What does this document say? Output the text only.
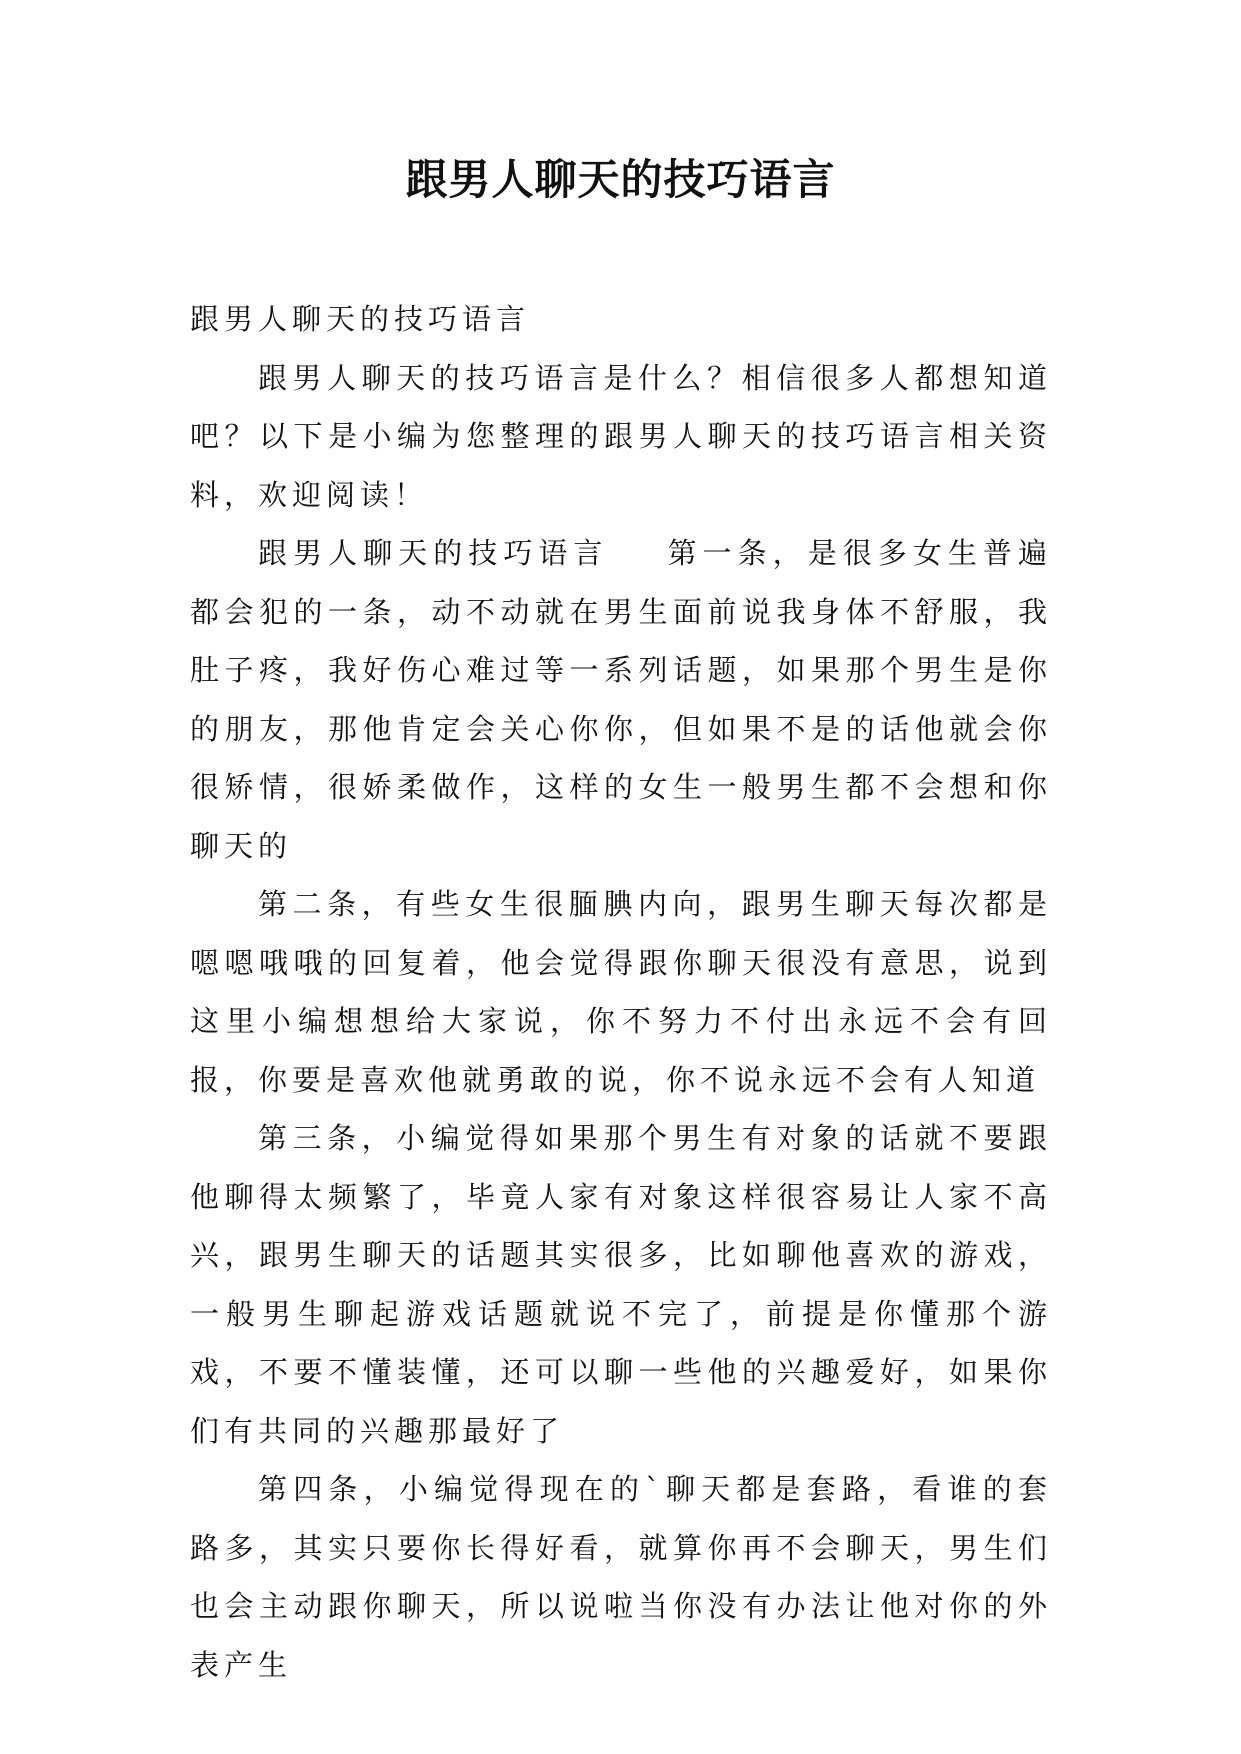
跟男人聊天的技巧语言

跟男人聊天的技巧语言

跟男人聊天的技巧语言是什么？相信很多人都想知道吧？以下是小编为您整理的跟男人聊天的技巧语言相关资料，欢迎阅读！

跟男人聊天的技巧语言 第一条，是很多女生普遍都会犯的一条，动不动就在男生面前说我身体不舒服，我肚子疼，我好伤心难过等一系列话题，如果那个男生是你的朋友，那他肯定会关心你你，但如果不是的话他就会你很矫情，很娇柔做作，这样的女生一般男生都不会想和你聊天的

第二条，有些女生很腼腆内向，跟男生聊天每次都是嗯嗯哦哦的回复着，他会觉得跟你聊天很没有意思，说到这里小编想想给大家说，你不努力不付出永远不会有回报，你要是喜欢他就勇敢的说，你不说永远不会有人知道

第三条，小编觉得如果那个男生有对象的话就不要跟他聊得太频繁了，毕竟人家有对象这样很容易让人家不高兴，跟男生聊天的话题其实很多，比如聊他喜欢的游戏，一般男生聊起游戏话题就说不完了，前提是你懂那个游戏，不要不懂装懂，还可以聊一些他的兴趣爱好，如果你们有共同的兴趣那最好了

第四条，小编觉得现在的`聊天都是套路，看谁的套路多，其实只要你长得好看，就算你再不会聊天，男生们也会主动跟你聊天，所以说啦当你没有办法让他对你的外表产生
